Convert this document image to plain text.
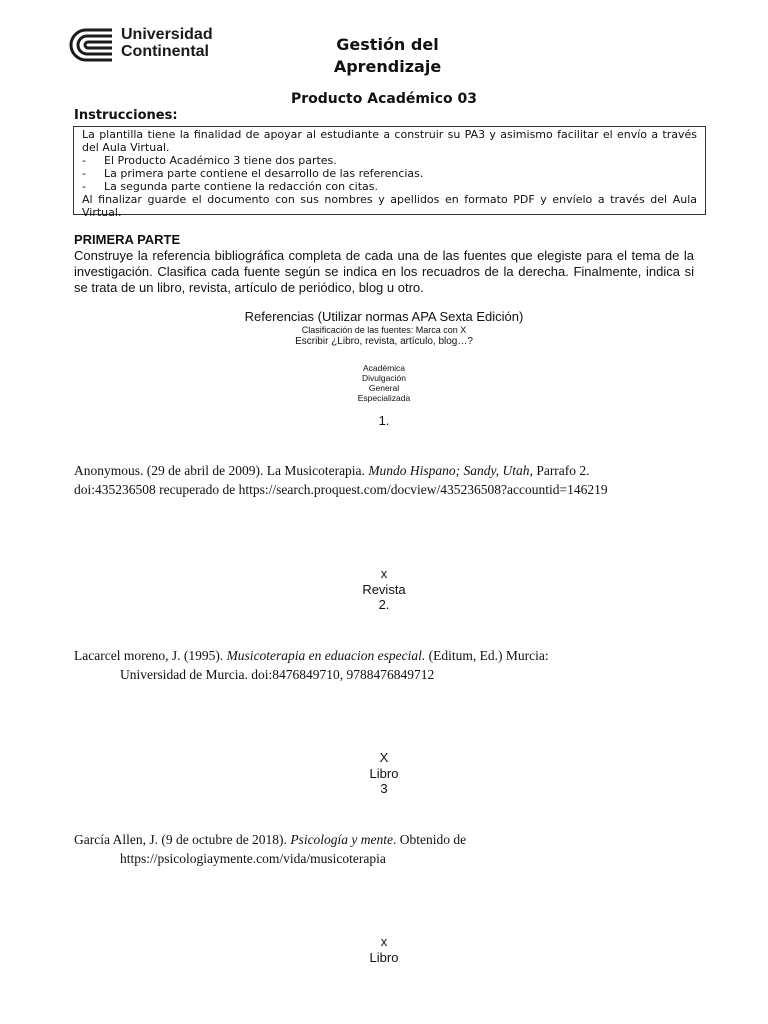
Universidad
Continental	Gestión del Aprendizaje
Producto Académico 03
Instrucciones:
La plantilla tiene la finalidad de apoyar al estudiante a construir su PA3 y asimismo facilitar el envío a través del Aula Virtual.
-	El Producto Académico 3 tiene dos partes.
-	La primera parte contiene el desarrollo de las referencias.
-	La segunda parte contiene la redacción con citas.
Al finalizar guarde el documento con sus nombres y apellidos en formato PDF y envíelo a través del Aula Virtual.
PRIMERA PARTE
Construye la referencia bibliográfica completa de cada una de las fuentes que elegiste para el tema de la investigación. Clasifica cada fuente según se indica en los recuadros de la derecha. Finalmente, indica si se trata de un libro, revista, artículo de periódico, blog u otro.
Referencias (Utilizar normas APA Sexta Edición)
Clasificación de las fuentes: Marca con X
Escribir ¿Libro, revista, artículo, blog…?
Académica
Divulgación
General
Especializada
1.
Anonymous. (29 de abril de 2009). La Musicoterapia. Mundo Hispano; Sandy, Utah, Parrafo 2.
doi:435236508 recuperado de https://search.proquest.com/docview/435236508?accountid=146219
x
Revista
2.
Lacarcel moreno, J. (1995). Musicoterapia en eduacion especial. (Editum, Ed.) Murcia:
Universidad de Murcia. doi:8476849710, 9788476849712
X
Libro
3
García Allen, J. (9 de octubre de 2018). Psicología y mente. Obtenido de
https://psicologiaymente.com/vida/musicoterapia
x
Libro
